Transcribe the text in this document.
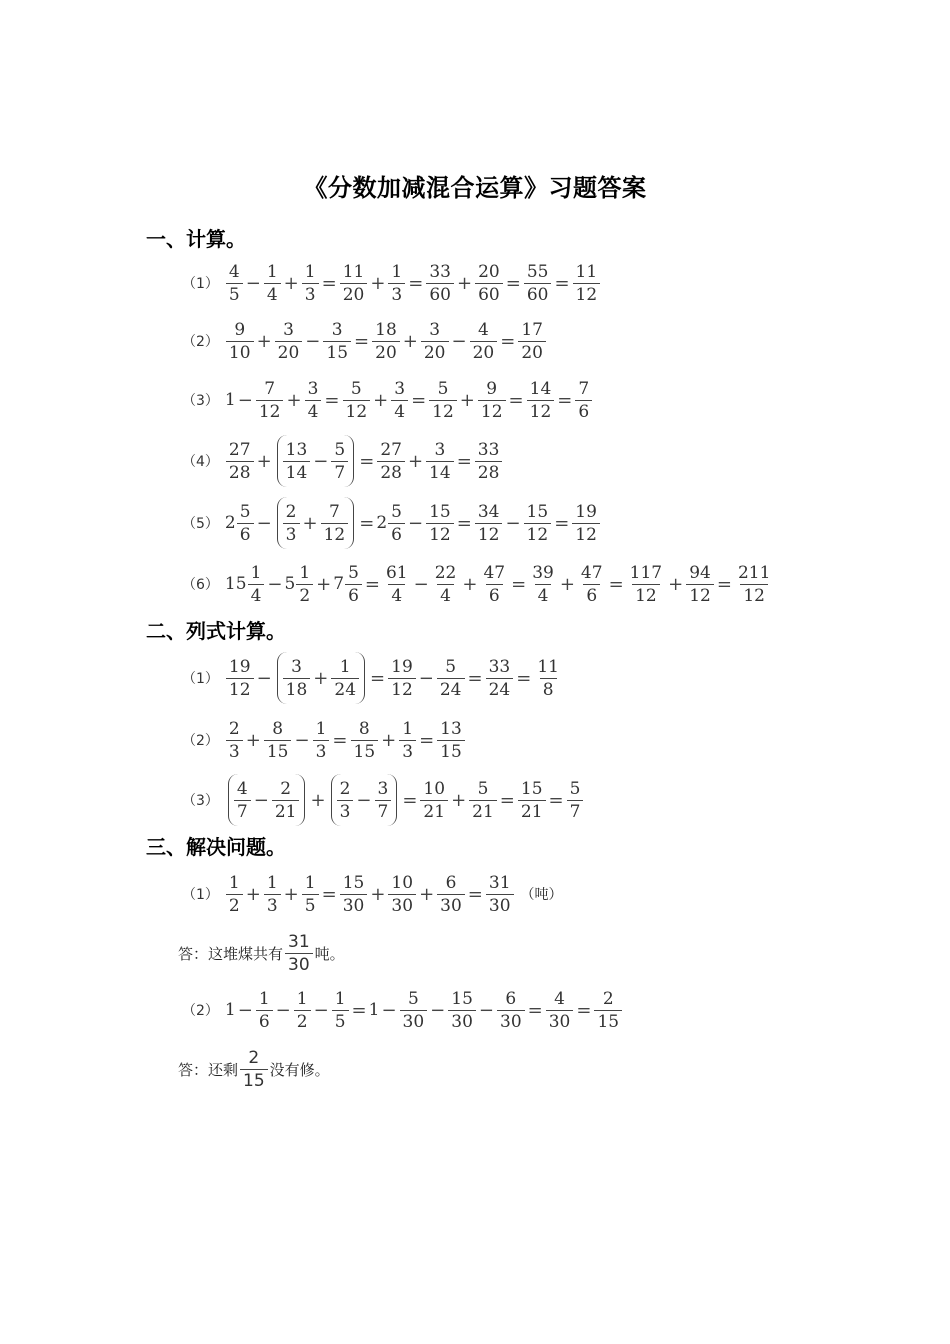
《分数加减混合运算》习题答案
一、计算。
$(1) \frac{4}{5} - \frac{1}{4} + \frac{1}{3} = \frac{11}{20} + \frac{1}{3} = \frac{33}{60} + \frac{20}{60} = \frac{55}{60} = \frac{11}{12}$
$(2) \frac{9}{10} + \frac{3}{20} - \frac{3}{15} = \frac{18}{20} + \frac{3}{20} - \frac{4}{20} = \frac{17}{20}$
（3） $1 - \frac{7}{12} + \frac{3}{4} = \frac{5}{12} + \frac{3}{4} = \frac{5}{12} + \frac{9}{12} = \frac{14}{12} = \frac{7}{6}$
$(4) \frac{27}{28} + \frac{13}{14} - \frac{5}{7} = \frac{27}{28} + \frac{3}{14} = \frac{33}{28}$
（5） $2 \frac{5}{6} - \frac{2}{3} + \frac{7}{12} = 2 \frac{5}{6} - \frac{15}{12} = \frac{34}{12} - \frac{15}{12} = \frac{19}{12}$
（6） $15 \frac{1}{4} - 5 \frac{1}{2} + 7 \frac{5}{6} = \frac{61}{4} - \frac{22}{4} + \frac{47}{6} = \frac{39}{4} + \frac{47}{6} = \frac{117}{12} + \frac{94}{12} = \frac{211}{12}$
二、列式计算。
$(1) \frac{19}{12} - \frac{3}{18} + \frac{1}{24} = \frac{19}{12} - \frac{5}{24} = \frac{33}{24} = \frac{11}{8}$
$(2) \frac{2}{3} + \frac{8}{15} - \frac{1}{3} = \frac{8}{15} + \frac{1}{3} = \frac{13}{15}$
$(3) \frac{4}{7} - \frac{2}{21} + \frac{2}{3} - \frac{3}{7} = \frac{10}{21} + \frac{5}{21} = \frac{15}{21} = \frac{5}{7}$
三、解决问题。
$(1) \frac{1}{2} + \frac{1}{3} + \frac{1}{5} = \frac{15}{30} + \frac{10}{30} + \frac{6}{30} = \frac{31}{30}$ （吨）
答：这堆煤共有 $\frac{31}{30}$ 吨。
（2） $1 - \frac{1}{6} - \frac{1}{2} - \frac{1}{5} = 1 - \frac{5}{30} - \frac{15}{30} - \frac{6}{30} = \frac{4}{30} = \frac{2}{15}$
答：还剩 $\frac{2}{15}$ 没有修。
